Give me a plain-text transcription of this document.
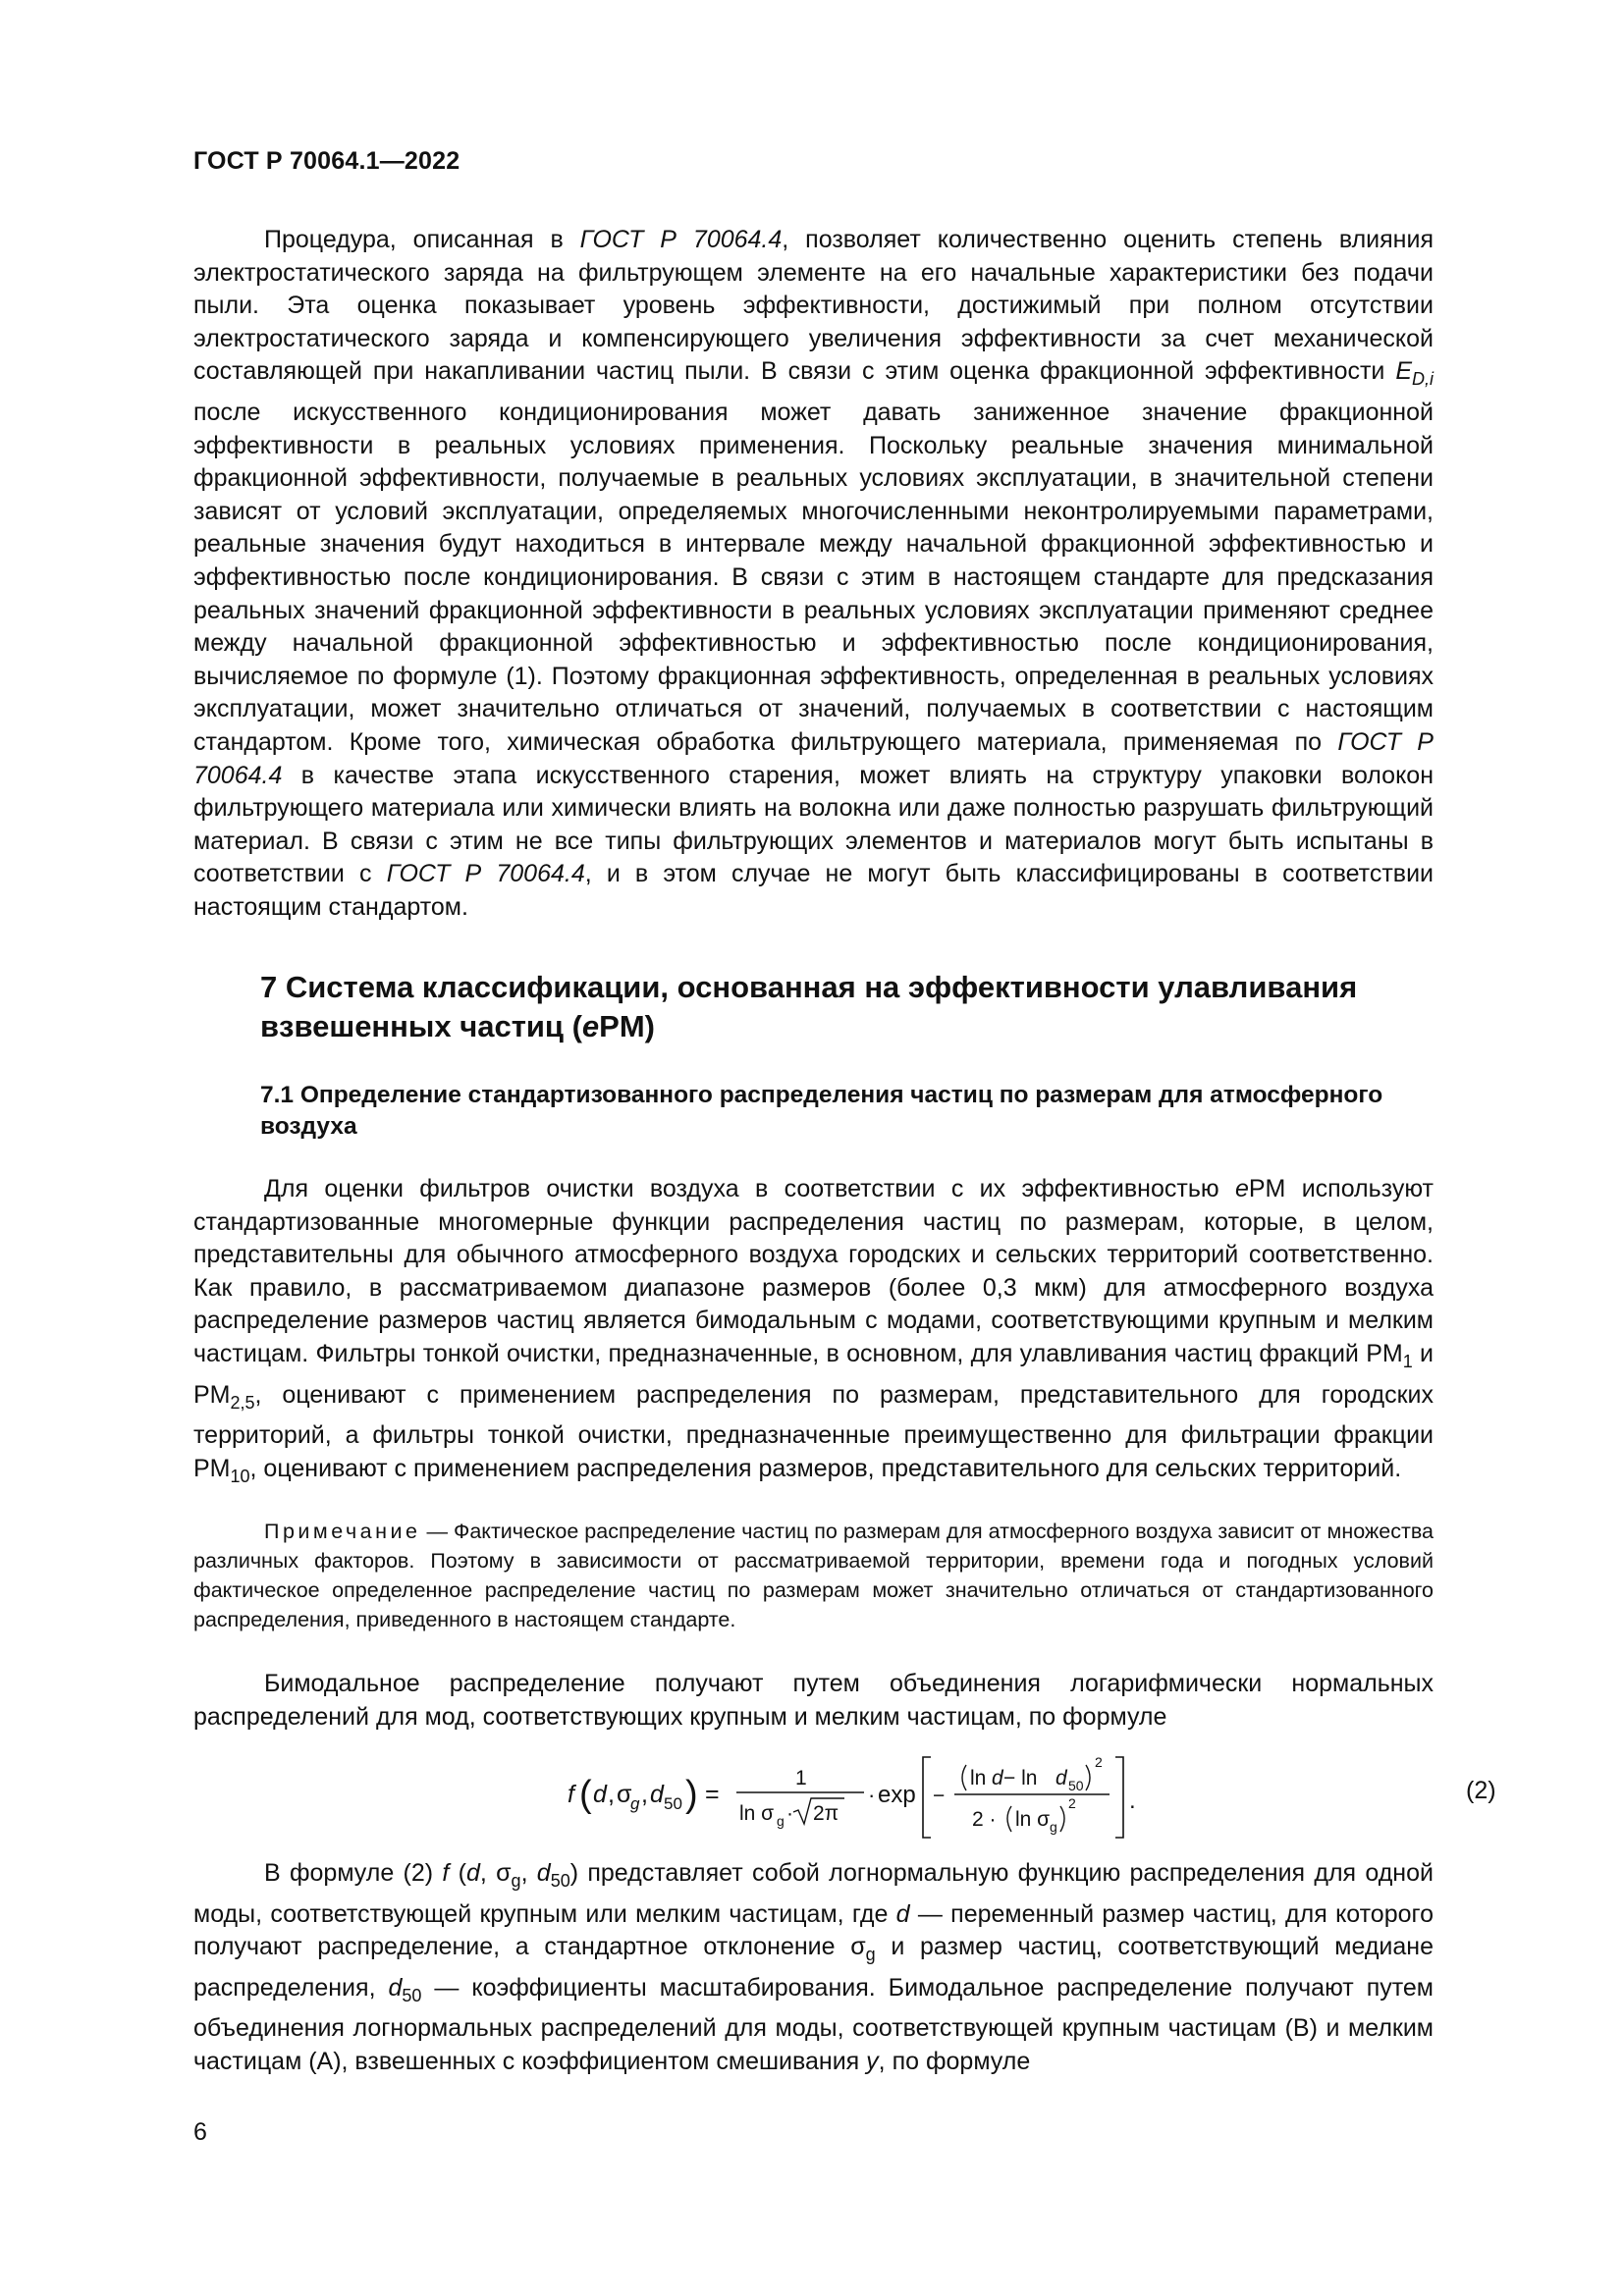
ГОСТ Р 70064.1—2022

Процедура, описанная в ГОСТ Р 70064.4, позволяет количественно оценить степень влияния электростатического заряда на фильтрующем элементе на его начальные характеристики без подачи пыли. Эта оценка показывает уровень эффективности, достижимый при полном отсутствии электростатического заряда и компенсирующего увеличения эффективности за счет механической составляющей при накапливании частиц пыли. В связи с этим оценка фракционной эффективности $E_{D,i}$ после искусственного кондиционирования может давать заниженное значение фракционной эффективности в реальных условиях применения. Поскольку реальные значения минимальной фракционной эффективности, получаемые в реальных условиях эксплуатации, в значительной степени зависят от условий эксплуатации, определяемых многочисленными неконтролируемыми параметрами, реальные значения будут находиться в интервале между начальной фракционной эффективностью и эффективностью после кондиционирования. В связи с этим в настоящем стандарте для предсказания реальных значений фракционной эффективности в реальных условиях эксплуатации применяют среднее между начальной фракционной эффективностью и эффективностью после кондиционирования, вычисляемое по формуле (1). Поэтому фракционная эффективность, определенная в реальных условиях эксплуатации, может значительно отличаться от значений, получаемых в соответствии с настоящим стандартом. Кроме того, химическая обработка фильтрующего материала, применяемая по ГОСТ Р 70064.4 в качестве этапа искусственного старения, может влиять на структуру упаковки волокон фильтрующего материала или химически влиять на волокна или даже полностью разрушать фильтрующий материал. В связи с этим не все типы фильтрующих элементов и материалов могут быть испытаны в соответствии с ГОСТ Р 70064.4, и в этом случае не могут быть классифицированы в соответствии настоящим стандартом.

7 Система классификации, основанная на эффективности улавливания взвешенных частиц (ePM)
7.1 Определение стандартизованного распределения частиц по размерам для атмосферного воздуха

Для оценки фильтров очистки воздуха в соответствии с их эффективностью ePM используют стандартизованные многомерные функции распределения частиц по размерам, которые, в целом, представительны для обычного атмосферного воздуха городских и сельских территорий соответственно. Как правило, в рассматриваемом диапазоне размеров (более 0,3 мкм) для атмосферного воздуха распределение размеров частиц является бимодальным с модами, соответствующими крупным и мелким частицам. Фильтры тонкой очистки, предназначенные, в основном, для улавливания частиц фракций $PM_1$ и $PM_{2,5}$, оценивают с применением распределения по размерам, представительного для городских территорий, а фильтры тонкой очистки, предназначенные преимущественно для фильтрации фракции $PM_{10}$, оценивают с применением распределения размеров, представительного для сельских территорий.

Примечание — Фактическое распределение частиц по размерам для атмосферного воздуха зависит от множества различных факторов. Поэтому в зависимости от рассматриваемой территории, времени года и погодных условий фактическое определенное распределение частиц по размерам может значительно отличаться от стандартизованного распределения, приведенного в настоящем стандарте.

Бимодальное распределение получают путем объединения логарифмически нормальных распределений для мод, соответствующих крупным и мелким частицам, по формуле

f ( d , σ
g , d 50 ) =
1
ln σ g · 2π
· exp −
ln d − ln d 50
2
2 · ln σ g
2 .	(2)

В формуле (2) f (d, $\sigma_g$, $d_{50}$) представляет собой логнормальную функцию распределения для одной моды, соответствующей крупным или мелким частицам, где d — переменный размер частиц, для которого получают распределение, а стандартное отклонение $\sigma_g$ и размер частиц, соответствующий медиане распределения, $d_{50}$ — коэффициенты масштабирования. Бимодальное распределение получают путем объединения логнормальных распределений для моды, соответствующей крупным частицам (B) и мелким частицам (A), взвешенных с коэффициентом смешивания y, по формуле

6
